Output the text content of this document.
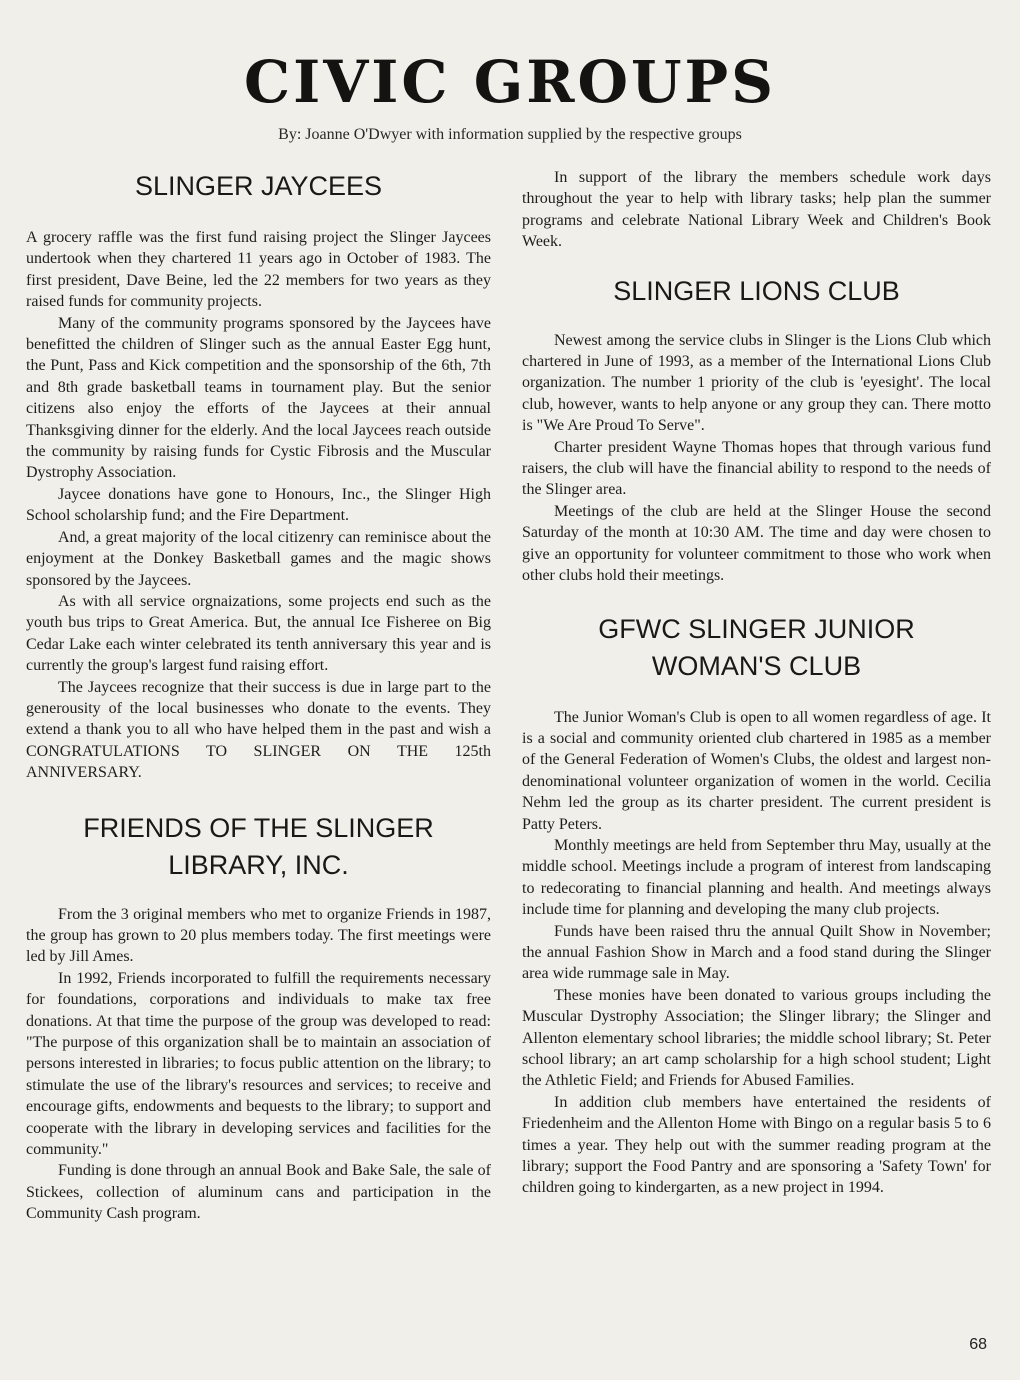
CIVIC GROUPS
By: Joanne O'Dwyer with information supplied by the respective groups
SLINGER JAYCEES

A grocery raffle was the first fund raising project the Slinger Jaycees undertook when they chartered 11 years ago in October of 1983. The first president, Dave Beine, led the 22 members for two years as they raised funds for community projects.

Many of the community programs sponsored by the Jaycees have benefitted the children of Slinger such as the annual Easter Egg hunt, the Punt, Pass and Kick competition and the sponsorship of the 6th, 7th and 8th grade basketball teams in tournament play. But the senior citizens also enjoy the efforts of the Jaycees at their annual Thanksgiving dinner for the elderly. And the local Jaycees reach outside the community by raising funds for Cystic Fibrosis and the Muscular Dystrophy Association.

Jaycee donations have gone to Honours, Inc., the Slinger High School scholarship fund; and the Fire Department.

And, a great majority of the local citizenry can reminisce about the enjoyment at the Donkey Basketball games and the magic shows sponsored by the Jaycees.

As with all service orgnaizations, some projects end such as the youth bus trips to Great America. But, the annual Ice Fisheree on Big Cedar Lake each winter celebrated its tenth anniversary this year and is currently the group's largest fund raising effort.

The Jaycees recognize that their success is due in large part to the generousity of the local businesses who donate to the events. They extend a thank you to all who have helped them in the past and wish a CONGRATULATIONS TO SLINGER ON THE 125th ANNIVERSARY.

FRIENDS OF THE SLINGER
LIBRARY, INC.

From the 3 original members who met to organize Friends in 1987, the group has grown to 20 plus members today. The first meetings were led by Jill Ames.

In 1992, Friends incorporated to fulfill the requirements necessary for foundations, corporations and individuals to make tax free donations. At that time the purpose of the group was developed to read: "The purpose of this organization shall be to maintain an association of persons interested in libraries; to focus public attention on the library; to stimulate the use of the library's resources and services; to receive and encourage gifts, endowments and bequests to the library; to support and cooperate with the library in developing services and facilities for the community."

Funding is done through an annual Book and Bake Sale, the sale of Stickees, collection of aluminum cans and participation in the Community Cash program.

In support of the library the members schedule work days throughout the year to help with library tasks; help plan the summer programs and celebrate National Library Week and Children's Book Week.

SLINGER LIONS CLUB

Newest among the service clubs in Slinger is the Lions Club which chartered in June of 1993, as a member of the International Lions Club organization. The number 1 priority of the club is 'eyesight'. The local club, however, wants to help anyone or any group they can. There motto is "We Are Proud To Serve".

Charter president Wayne Thomas hopes that through various fund raisers, the club will have the financial ability to respond to the needs of the Slinger area.

Meetings of the club are held at the Slinger House the second Saturday of the month at 10:30 AM. The time and day were chosen to give an opportunity for volunteer commitment to those who work when other clubs hold their meetings.

GFWC SLINGER JUNIOR
WOMAN'S CLUB

The Junior Woman's Club is open to all women regardless of age. It is a social and community oriented club chartered in 1985 as a member of the General Federation of Women's Clubs, the oldest and largest non-denominational volunteer organization of women in the world. Cecilia Nehm led the group as its charter president. The current president is Patty Peters.

Monthly meetings are held from September thru May, usually at the middle school. Meetings include a program of interest from landscaping to redecorating to financial planning and health. And meetings always include time for planning and developing the many club projects.

Funds have been raised thru the annual Quilt Show in November; the annual Fashion Show in March and a food stand during the Slinger area wide rummage sale in May.

These monies have been donated to various groups including the Muscular Dystrophy Association; the Slinger library; the Slinger and Allenton elementary school libraries; the middle school library; St. Peter school library; an art camp scholarship for a high school student; Light the Athletic Field; and Friends for Abused Families.

In addition club members have entertained the residents of Friedenheim and the Allenton Home with Bingo on a regular basis 5 to 6 times a year. They help out with the summer reading program at the library; support the Food Pantry and are sponsoring a 'Safety Town' for children going to kindergarten, as a new project in 1994.

68
